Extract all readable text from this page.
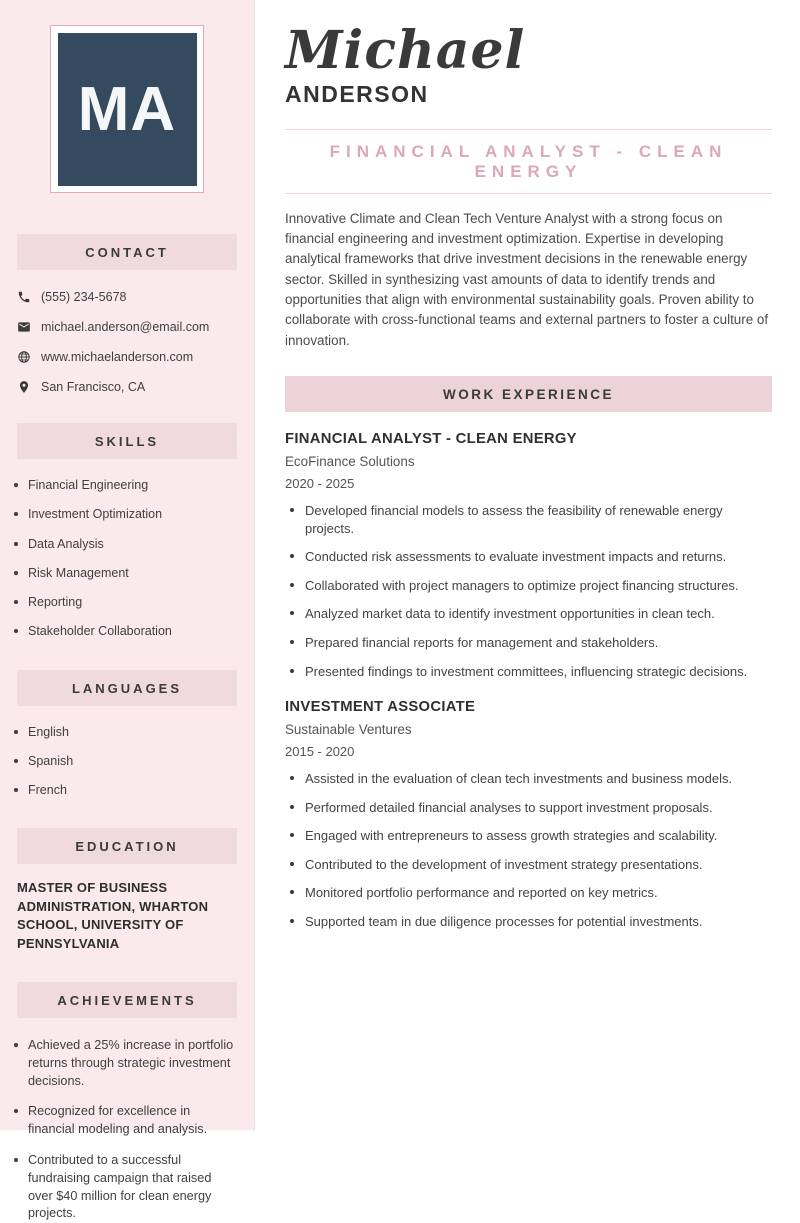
MA
CONTACT
(555) 234-5678
michael.anderson@email.com
www.michaelanderson.com
San Francisco, CA
SKILLS
Financial Engineering
Investment Optimization
Data Analysis
Risk Management
Reporting
Stakeholder Collaboration
LANGUAGES
English
Spanish
French
EDUCATION
MASTER OF BUSINESS ADMINISTRATION, WHARTON SCHOOL, UNIVERSITY OF PENNSYLVANIA
ACHIEVEMENTS
Achieved a 25% increase in portfolio returns through strategic investment decisions.
Recognized for excellence in financial modeling and analysis.
Contributed to a successful fundraising campaign that raised over $40 million for clean energy projects.
Michael
ANDERSON
FINANCIAL ANALYST - CLEAN ENERGY

Innovative Climate and Clean Tech Venture Analyst with a strong focus on financial engineering and investment optimization. Expertise in developing analytical frameworks that drive investment decisions in the renewable energy sector. Skilled in synthesizing vast amounts of data to identify trends and opportunities that align with environmental sustainability goals. Proven ability to collaborate with cross-functional teams and external partners to foster a culture of innovation.

WORK EXPERIENCE
FINANCIAL ANALYST - CLEAN ENERGY
EcoFinance Solutions
2020 - 2025
Developed financial models to assess the feasibility of renewable energy projects.
Conducted risk assessments to evaluate investment impacts and returns.
Collaborated with project managers to optimize project financing structures.
Analyzed market data to identify investment opportunities in clean tech.
Prepared financial reports for management and stakeholders.
Presented findings to investment committees, influencing strategic decisions.
INVESTMENT ASSOCIATE
Sustainable Ventures
2015 - 2020
Assisted in the evaluation of clean tech investments and business models.
Performed detailed financial analyses to support investment proposals.
Engaged with entrepreneurs to assess growth strategies and scalability.
Contributed to the development of investment strategy presentations.
Monitored portfolio performance and reported on key metrics.
Supported team in due diligence processes for potential investments.
